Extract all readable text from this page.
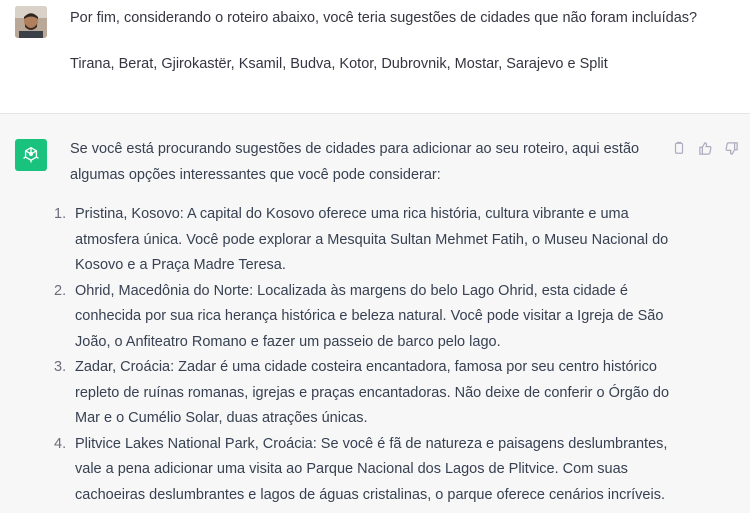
Por fim, considerando o roteiro abaixo, você teria sugestões de cidades que não foram incluídas?

Tirana, Berat, Gjirokastër, Ksamil, Budva, Kotor, Dubrovnik, Mostar, Sarajevo e Split

Se você está procurando sugestões de cidades para adicionar ao seu roteiro, aqui estão algumas opções interessantes que você pode considerar:

1. Pristina, Kosovo: A capital do Kosovo oferece uma rica história, cultura vibrante e uma atmosfera única. Você pode explorar a Mesquita Sultan Mehmet Fatih, o Museu Nacional do Kosovo e a Praça Madre Teresa.
2. Ohrid, Macedônia do Norte: Localizada às margens do belo Lago Ohrid, esta cidade é conhecida por sua rica herança histórica e beleza natural. Você pode visitar a Igreja de São João, o Anfiteatro Romano e fazer um passeio de barco pelo lago.
3. Zadar, Croácia: Zadar é uma cidade costeira encantadora, famosa por seu centro histórico repleto de ruínas romanas, igrejas e praças encantadoras. Não deixe de conferir o Órgão do Mar e o Cumélio Solar, duas atrações únicas.
4. Plitvice Lakes National Park, Croácia: Se você é fã de natureza e paisagens deslumbrantes, vale a pena adicionar uma visita ao Parque Nacional dos Lagos de Plitvice. Com suas cachoeiras deslumbrantes e lagos de águas cristalinas, o parque oferece cenários incríveis.
